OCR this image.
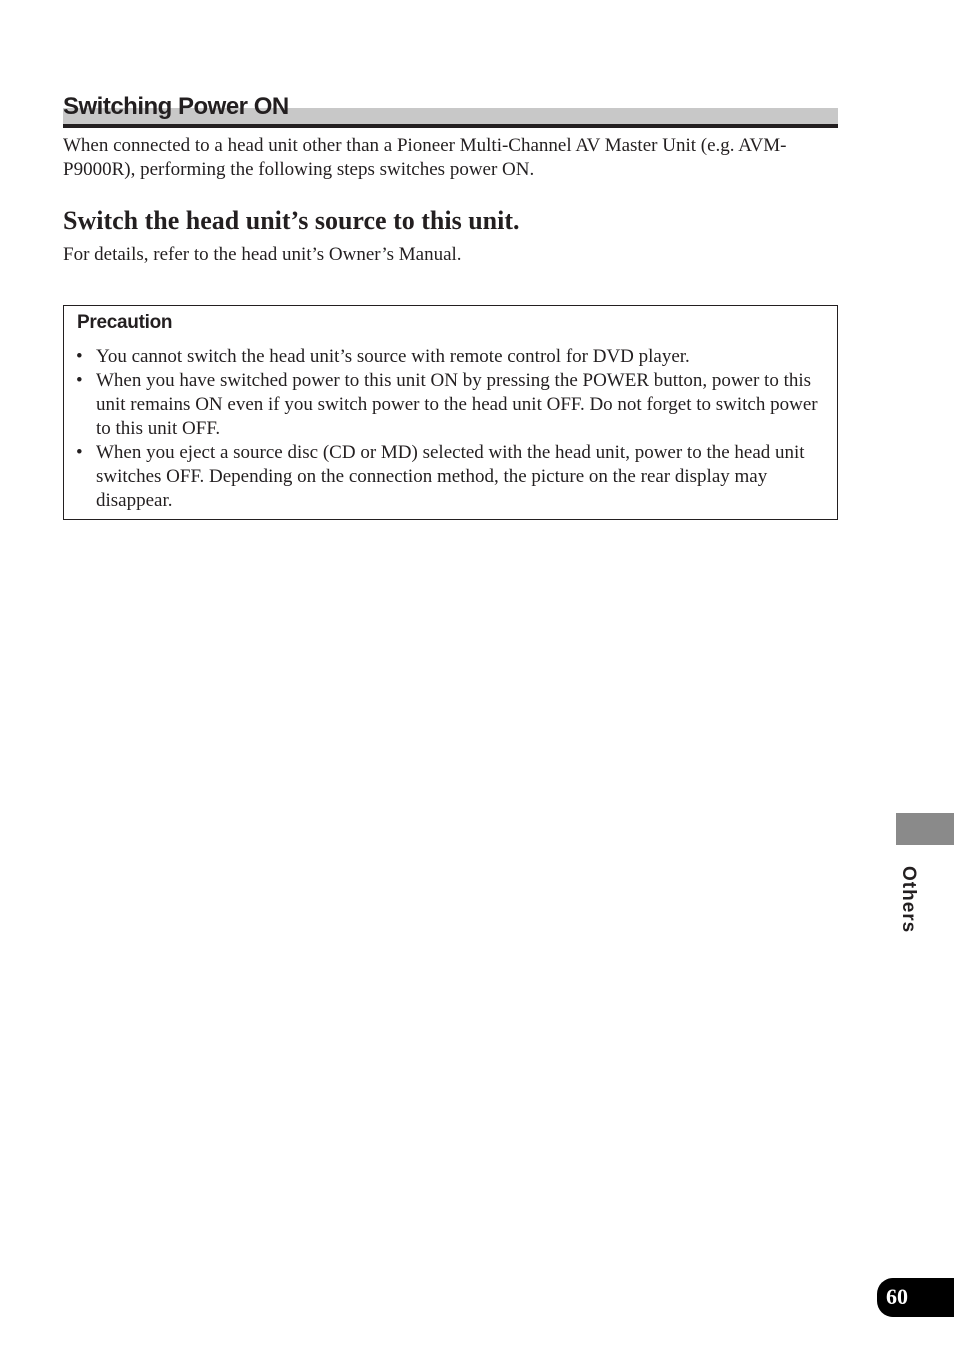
Switching Power ON

When connected to a head unit other than a Pioneer Multi-Channel AV Master Unit (e.g. AVM-P9000R), performing the following steps switches power ON.

Switch the head unit’s source to this unit.

For details, refer to the head unit’s Owner’s Manual.

Precaution
• You cannot switch the head unit’s source with remote control for DVD player.
• When you have switched power to this unit ON by pressing the POWER button, power to this unit remains ON even if you switch power to the head unit OFF. Do not forget to switch power to this unit OFF.
• When you eject a source disc (CD or MD) selected with the head unit, power to the head unit switches OFF. Depending on the connection method, the picture on the rear display may disappear.
Others
60
